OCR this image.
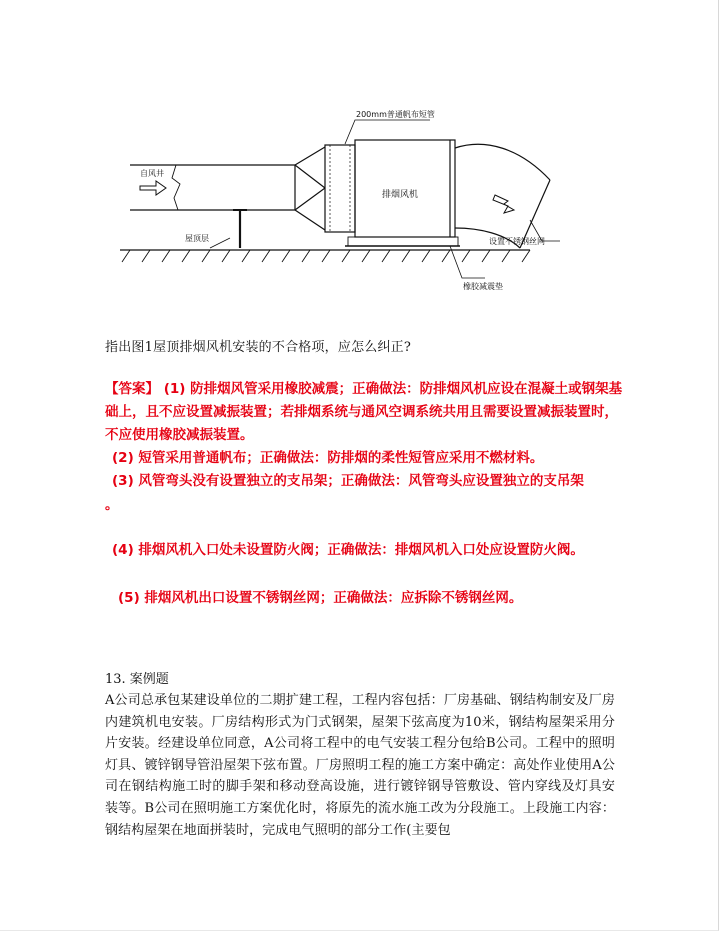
200mm普通帆布短管
自风井
屋顶层
排烟风机
设置不锈钢丝网
橡胶减震垫
指出图1屋顶排烟风机安装的不合格项，应怎么纠正?
【答案】 (1) 防排烟风管采用橡胶减震；正确做法：防排烟风机应设在混凝土或钢架基础上，且不应设置减振装置；若排烟系统与通风空调系统共用且需要设置减振装置时，不应使用橡胶减振装置。
(2) 短管采用普通帆布；正确做法：防排烟的柔性短管应采用不燃材料。
(3) 风管弯头没有设置独立的支吊架；正确做法：风管弯头应设置独立的支吊架
。
(4) 排烟风机入口处未设置防火阀；正确做法：排烟风机入口处应设置防火阀。
(5) 排烟风机出口设置不锈钢丝网；正确做法：应拆除不锈钢丝网。
13. 案例题
A公司总承包某建设单位的二期扩建工程，工程内容包括：厂房基础、钢结构制安及厂房内建筑机电安装。厂房结构形式为门式钢架，屋架下弦高度为10米，钢结构屋架采用分片安装。经建设单位同意，A公司将工程中的电气安装工程分包给B公司。工程中的照明灯具、镀锌钢导管沿屋架下弦布置。厂房照明工程的施工方案中确定：高处作业使用A公司在钢结构施工时的脚手架和移动登高设施，进行镀锌钢导管敷设、管内穿线及灯具安装等。B公司在照明施工方案优化时，将原先的流水施工改为分段施工。上段施工内容：钢结构屋架在地面拼装时，完成电气照明的部分工作(主要包
